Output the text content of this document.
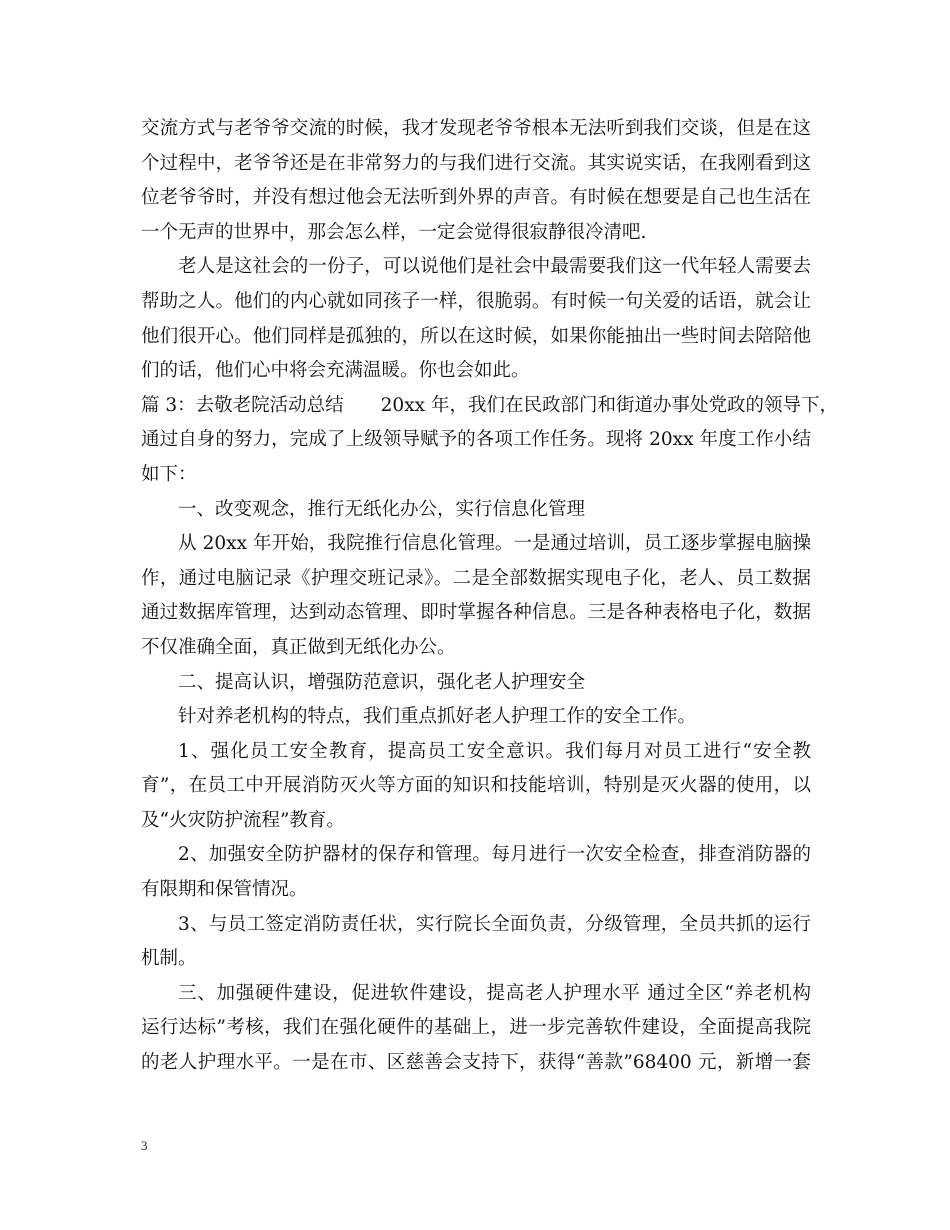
交流方式与老爷爷交流的时候，我才发现老爷爷根本无法听到我们交谈，但是在这
个过程中，老爷爷还是在非常努力的与我们进行交流。其实说实话，在我刚看到这
位老爷爷时，并没有想过他会无法听到外界的声音。有时候在想要是自己也生活在
一个无声的世界中，那会怎么样，一定会觉得很寂静很冷清吧.
老人是这社会的一份子，可以说他们是社会中最需要我们这一代年轻人需要去
帮助之人。他们的内心就如同孩子一样，很脆弱。有时候一句关爱的话语，就会让
他们很开心。他们同样是孤独的，所以在这时候，如果你能抽出一些时间去陪陪他
们的话，他们心中将会充满温暖。你也会如此。
篇 3：去敬老院活动总结　　20xx 年，我们在民政部门和街道办事处党政的领导下，
通过自身的努力，完成了上级领导赋予的各项工作任务。现将 20xx 年度工作小结
如下：
一、改变观念，推行无纸化办公，实行信息化管理
从 20xx 年开始，我院推行信息化管理。一是通过培训，员工逐步掌握电脑操
作，通过电脑记录《护理交班记录》。二是全部数据实现电子化，老人、员工数据
通过数据库管理，达到动态管理、即时掌握各种信息。三是各种表格电子化，数据
不仅准确全面，真正做到无纸化办公。
二、提高认识，增强防范意识，强化老人护理安全
针对养老机构的特点，我们重点抓好老人护理工作的安全工作。
1、强化员工安全教育，提高员工安全意识。我们每月对员工进行“安全教
育”，在员工中开展消防灭火等方面的知识和技能培训，特别是灭火器的使用，以
及“火灾防护流程”教育。
2、加强安全防护器材的保存和管理。每月进行一次安全检查，排查消防器的
有限期和保管情况。
3、与员工签定消防责任状，实行院长全面负责，分级管理，全员共抓的运行
机制。
三、加强硬件建设，促进软件建设，提高老人护理水平 通过全区“养老机构
运行达标”考核，我们在强化硬件的基础上，进一步完善软件建设，全面提高我院
的老人护理水平。一是在市、区慈善会支持下，获得“善款”68400 元，新增一套
3
